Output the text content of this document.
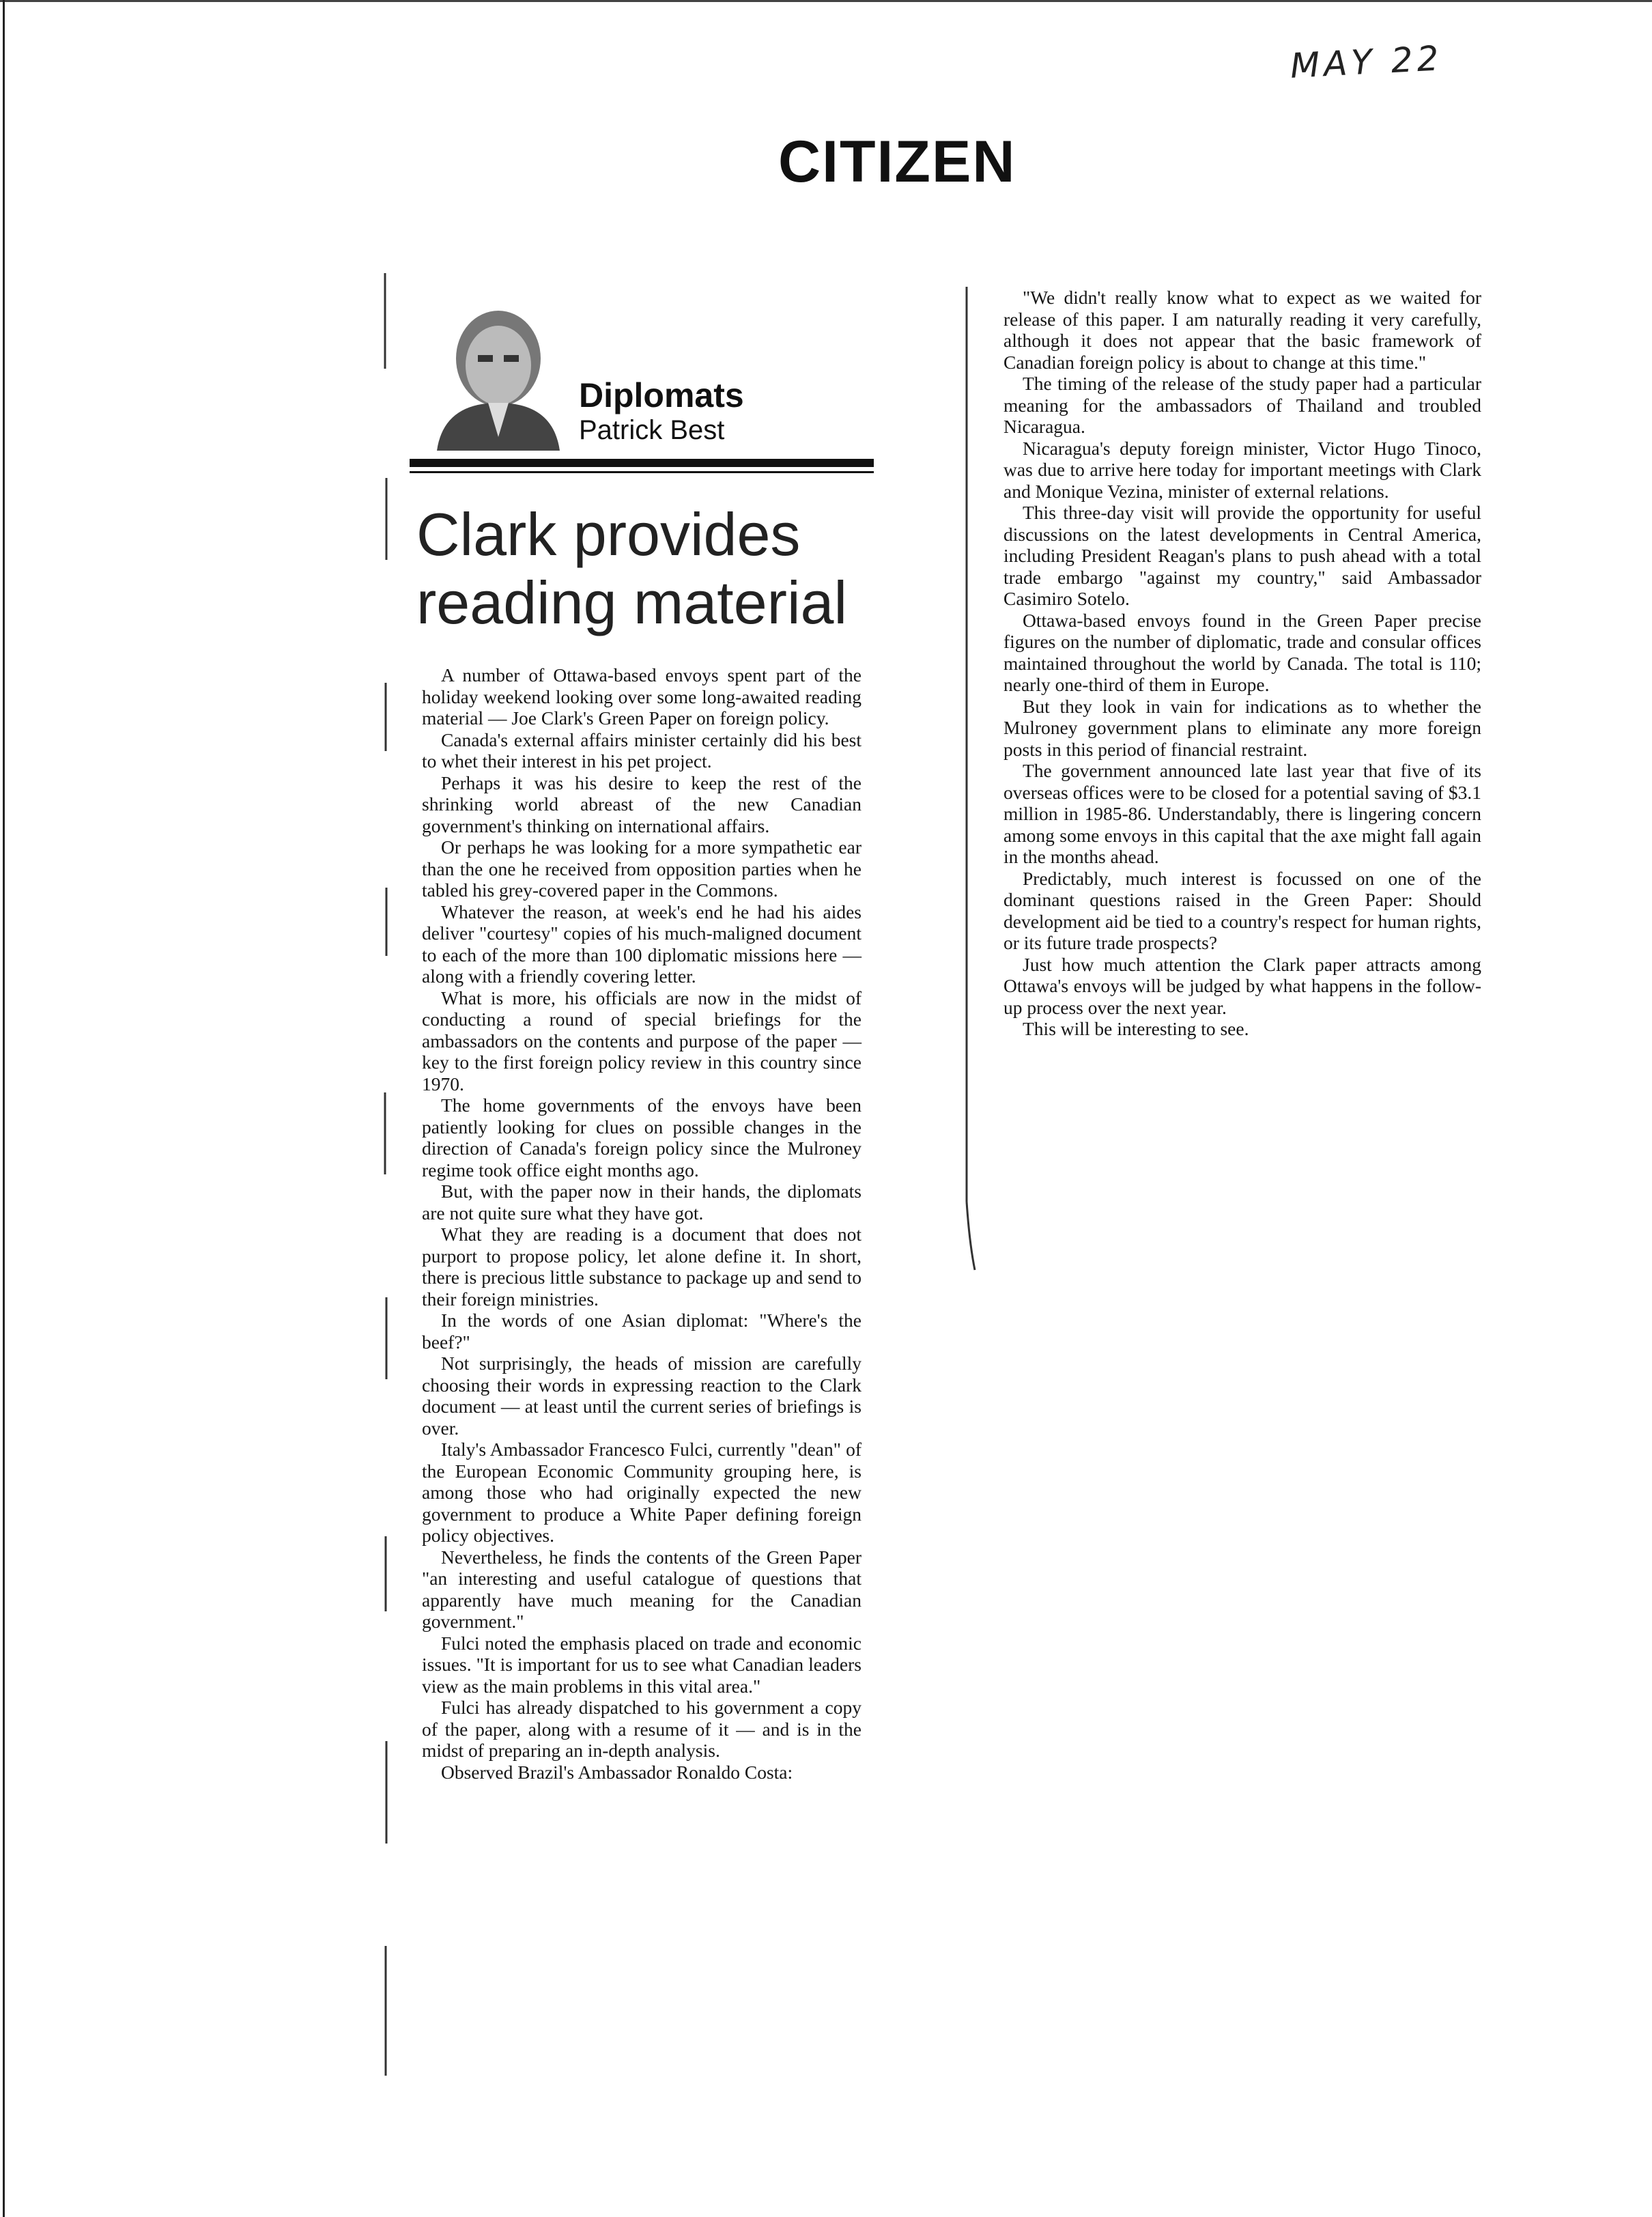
MAY 22
CITIZEN
Diplomats
Patrick Best
Clark provides
reading material

A number of Ottawa-based envoys spent part of the holiday weekend looking over some long-awaited reading material — Joe Clark's Green Paper on foreign policy.

Canada's external affairs minister certainly did his best to whet their interest in his pet project.

Perhaps it was his desire to keep the rest of the shrinking world abreast of the new Canadian government's thinking on international affairs.

Or perhaps he was looking for a more sympathetic ear than the one he received from opposition parties when he tabled his grey-covered paper in the Commons.

Whatever the reason, at week's end he had his aides deliver "courtesy" copies of his much-maligned document to each of the more than 100 diplomatic missions here — along with a friendly covering letter.

What is more, his officials are now in the midst of conducting a round of special briefings for the ambassadors on the contents and purpose of the paper — key to the first foreign policy review in this country since 1970.

The home governments of the envoys have been patiently looking for clues on possible changes in the direction of Canada's foreign policy since the Mulroney regime took office eight months ago.

But, with the paper now in their hands, the diplomats are not quite sure what they have got.

What they are reading is a document that does not purport to propose policy, let alone define it. In short, there is precious little substance to package up and send to their foreign ministries.

In the words of one Asian diplomat: "Where's the beef?"

Not surprisingly, the heads of mission are carefully choosing their words in expressing reaction to the Clark document — at least until the current series of briefings is over.

Italy's Ambassador Francesco Fulci, currently "dean" of the European Economic Community grouping here, is among those who had originally expected the new government to produce a White Paper defining foreign policy objectives.

Nevertheless, he finds the contents of the Green Paper "an interesting and useful catalogue of questions that apparently have much meaning for the Canadian government."

Fulci noted the emphasis placed on trade and economic issues. "It is important for us to see what Canadian leaders view as the main problems in this vital area."

Fulci has already dispatched to his government a copy of the paper, along with a resume of it — and is in the midst of preparing an in-depth analysis.

Observed Brazil's Ambassador Ronaldo Costa:

"We didn't really know what to expect as we waited for release of this paper. I am naturally reading it very carefully, although it does not appear that the basic framework of Canadian foreign policy is about to change at this time."

The timing of the release of the study paper had a particular meaning for the ambassadors of Thailand and troubled Nicaragua.

Nicaragua's deputy foreign minister, Victor Hugo Tinoco, was due to arrive here today for important meetings with Clark and Monique Vezina, minister of external relations.

This three-day visit will provide the opportunity for useful discussions on the latest developments in Central America, including President Reagan's plans to push ahead with a total trade embargo "against my country," said Ambassador Casimiro Sotelo.

Ottawa-based envoys found in the Green Paper precise figures on the number of diplomatic, trade and consular offices maintained throughout the world by Canada. The total is 110; nearly one-third of them in Europe.

But they look in vain for indications as to whether the Mulroney government plans to eliminate any more foreign posts in this period of financial restraint.

The government announced late last year that five of its overseas offices were to be closed for a potential saving of $3.1 million in 1985-86. Understandably, there is lingering concern among some envoys in this capital that the axe might fall again in the months ahead.

Predictably, much interest is focussed on one of the dominant questions raised in the Green Paper: Should development aid be tied to a country's respect for human rights, or its future trade prospects?

Just how much attention the Clark paper attracts among Ottawa's envoys will be judged by what happens in the follow-up process over the next year.

This will be interesting to see.
